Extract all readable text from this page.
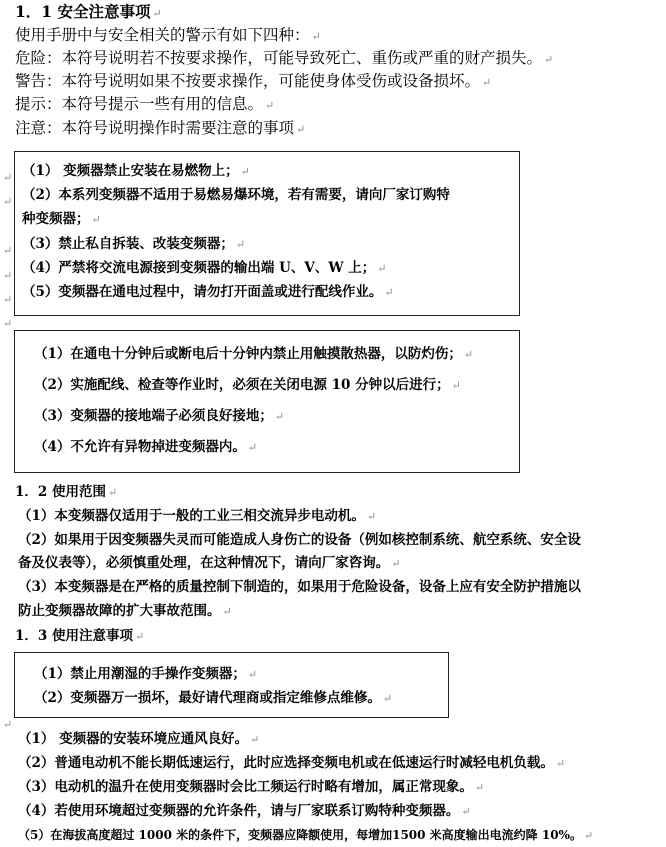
1．1 安全注意事项 ↵
使用手册中与安全相关的警示有如下四种： ↵
危险：本符号说明若不按要求操作，可能导致死亡、重伤或严重的财产损失。 ↵
警告：本符号说明如果不按要求操作，可能使身体受伤或设备损坏。 ↵
提示：本符号提示一些有用的信息。 ↵
注意：本符号说明操作时需要注意的事项 ↵
（1） 变频器禁止安装在易燃物上； ↵
（2）本系列变频器不适用于易燃易爆环境，若有需要，请向厂家订购特
种变频器； ↵
（3）禁止私自拆装、改装变频器； ↵
（4）严禁将交流电源接到变频器的输出端 U、V、W 上； ↵
（5）变频器在通电过程中，请勿打开面盖或进行配线作业。 ↵
↵
↵
↵
↵
↵
↵
（1）在通电十分钟后或断电后十分钟内禁止用触摸散热器，以防灼伤； ↵
（2）实施配线、检查等作业时，必须在关闭电源 10 分钟以后进行； ↵
（3）变频器的接地端子必须良好接地； ↵
（4）不允许有异物掉进变频器内。 ↵
1．2 使用范围 ↵
（1）本变频器仅适用于一般的工业三相交流异步电动机。 ↵
（2）如果用于因变频器失灵而可能造成人身伤亡的设备（例如核控制系统、航空系统、安全设
备及仪表等），必须慎重处理，在这种情况下，请向厂家咨询。 ↵
（3）本变频器是在严格的质量控制下制造的，如果用于危险设备，设备上应有安全防护措施以
防止变频器故障的扩大事故范围。 ↵
1．3 使用注意事项 ↵
（1）禁止用潮湿的手操作变频器； ↵
（2）变频器万一损坏，最好请代理商或指定维修点维修。 ↵
↵
（1） 变频器的安装环境应通风良好。 ↵
（2）普通电动机不能长期低速运行，此时应选择变频电机或在低速运行时减轻电机负载。 ↵
（3）电动机的温升在使用变频器时会比工频运行时略有增加，属正常现象。 ↵
（4）若使用环境超过变频器的允许条件，请与厂家联系订购特种变频器。 ↵
（5）在海拔高度超过 1000 米的条件下，变频器应降额使用，每增加1500 米高度输出电流约降 10%。 ↵
